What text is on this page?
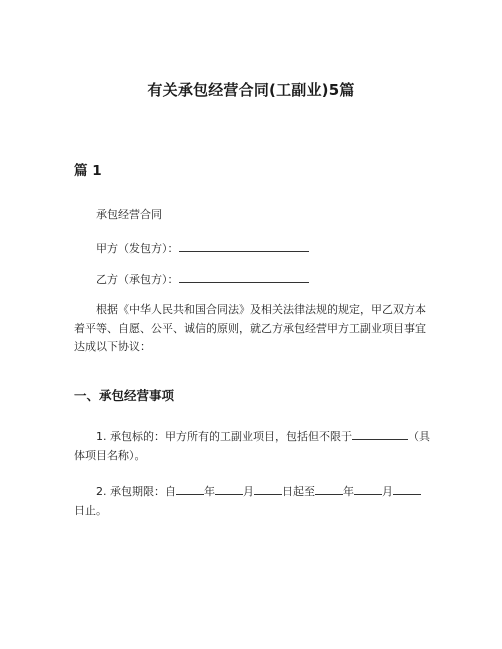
有关承包经营合同(工副业)5篇
篇 1
承包经营合同
甲方（发包方）：
乙方（承包方）：
根据《中华人民共和国合同法》及相关法律法规的规定，甲乙双方本着平等、自愿、公平、诚信的原则，就乙方承包经营甲方工副业项目事宜达成以下协议：
一、承包经营事项
1. 承包标的：甲方所有的工副业项目，包括但不限于	（具体项目名称）。
2. 承包期限：自	年	月	日起至	年	月日止。
